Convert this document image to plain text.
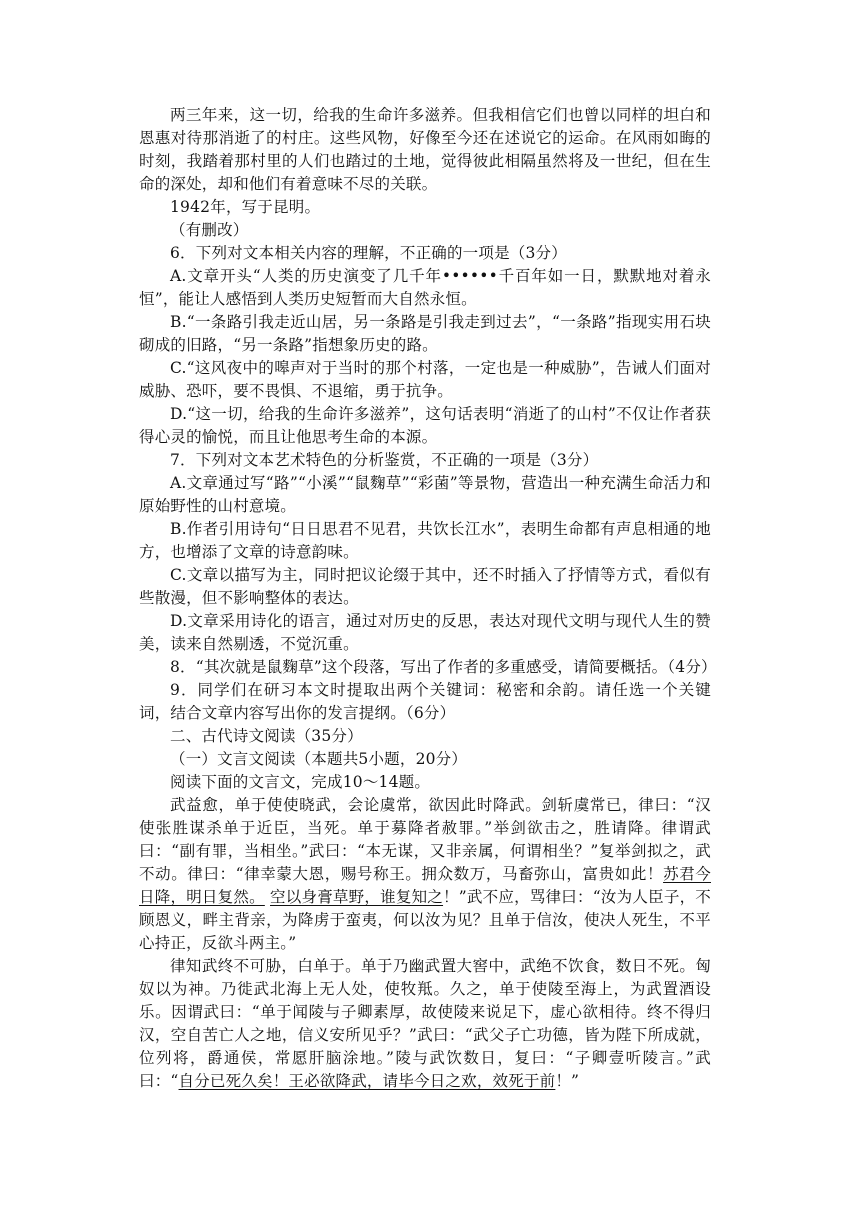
两三年来，这一切，给我的生命许多滋养。但我相信它们也曾以同样的坦白和恩惠对待那消逝了的村庄。这些风物，好像至今还在述说它的运命。在风雨如晦的时刻，我踏着那村里的人们也踏过的土地，觉得彼此相隔虽然将及一世纪，但在生命的深处，却和他们有着意味不尽的关联。

1942年，写于昆明。

（有删改）

6．下列对文本相关内容的理解，不正确的一项是（3分）

A.文章开头“人类的历史演变了几千年••••••千百年如一日，默默地对着永恒”，能让人感悟到人类历史短暂而大自然永恒。

B.“一条路引我走近山居，另一条路是引我走到过去”，“一条路”指现实用石块砌成的旧路，“另一条路”指想象历史的路。

C.“这风夜中的嗥声对于当时的那个村落，一定也是一种威胁”，告诫人们面对威胁、恐吓，要不畏惧、不退缩，勇于抗争。

D.“这一切，给我的生命许多滋养”，这句话表明“消逝了的山村”不仅让作者获得心灵的愉悦，而且让他思考生命的本源。

7．下列对文本艺术特色的分析鉴赏，不正确的一项是（3分）

A.文章通过写“路”“小溪”“鼠麴草”“彩菌”等景物，营造出一种充满生命活力和原始野性的山村意境。

B.作者引用诗句“日日思君不见君，共饮长江水”，表明生命都有声息相通的地方，也增添了文章的诗意韵味。

C.文章以描写为主，同时把议论缀于其中，还不时插入了抒情等方式，看似有些散漫，但不影响整体的表达。

D.文章采用诗化的语言，通过对历史的反思，表达对现代文明与现代人生的赞美，读来自然剔透，不觉沉重。

8．“其次就是鼠麴草”这个段落，写出了作者的多重感受，请简要概括。（4分）

9．同学们在研习本文时提取出两个关键词：秘密和余韵。请任选一个关键词，结合文章内容写出你的发言提纲。（6分）

二、古代诗文阅读（35分）

（一）文言文阅读（本题共5小题，20分）

阅读下面的文言文，完成10～14题。

武益愈，单于使使晓武，会论虞常，欲因此时降武。剑斩虞常已，律曰：“汉使张胜谋杀单于近臣，当死。单于募降者赦罪。”举剑欲击之，胜请降。律谓武曰：“副有罪，当相坐。”武曰：“本无谋，又非亲属，何谓相坐？”复举剑拟之，武不动。律曰：“律幸蒙大恩，赐号称王。拥众数万，马畜弥山，富贵如此！苏君今日降，明日复然。 空以身膏草野，谁复知之！”武不应，骂律曰：“汝为人臣子，不顾恩义，畔主背亲，为降虏于蛮夷，何以汝为见？且单于信汝，使决人死生，不平心持正，反欲斗两主。”

律知武终不可胁，白单于。单于乃幽武置大窖中，武绝不饮食，数日不死。匈奴以为神。乃徙武北海上无人处，使牧羝。久之，单于使陵至海上，为武置酒设乐。因谓武曰：“单于闻陵与子卿素厚，故使陵来说足下，虚心欲相待。终不得归汉，空自苦亡人之地，信义安所见乎？”武曰：“武父子亡功德，皆为陛下所成就，位列将，爵通侯，常愿肝脑涂地。”陵与武饮数日，复曰：“子卿壹听陵言。”武曰：“自分已死久矣！王必欲降武，请毕今日之欢，效死于前！”
